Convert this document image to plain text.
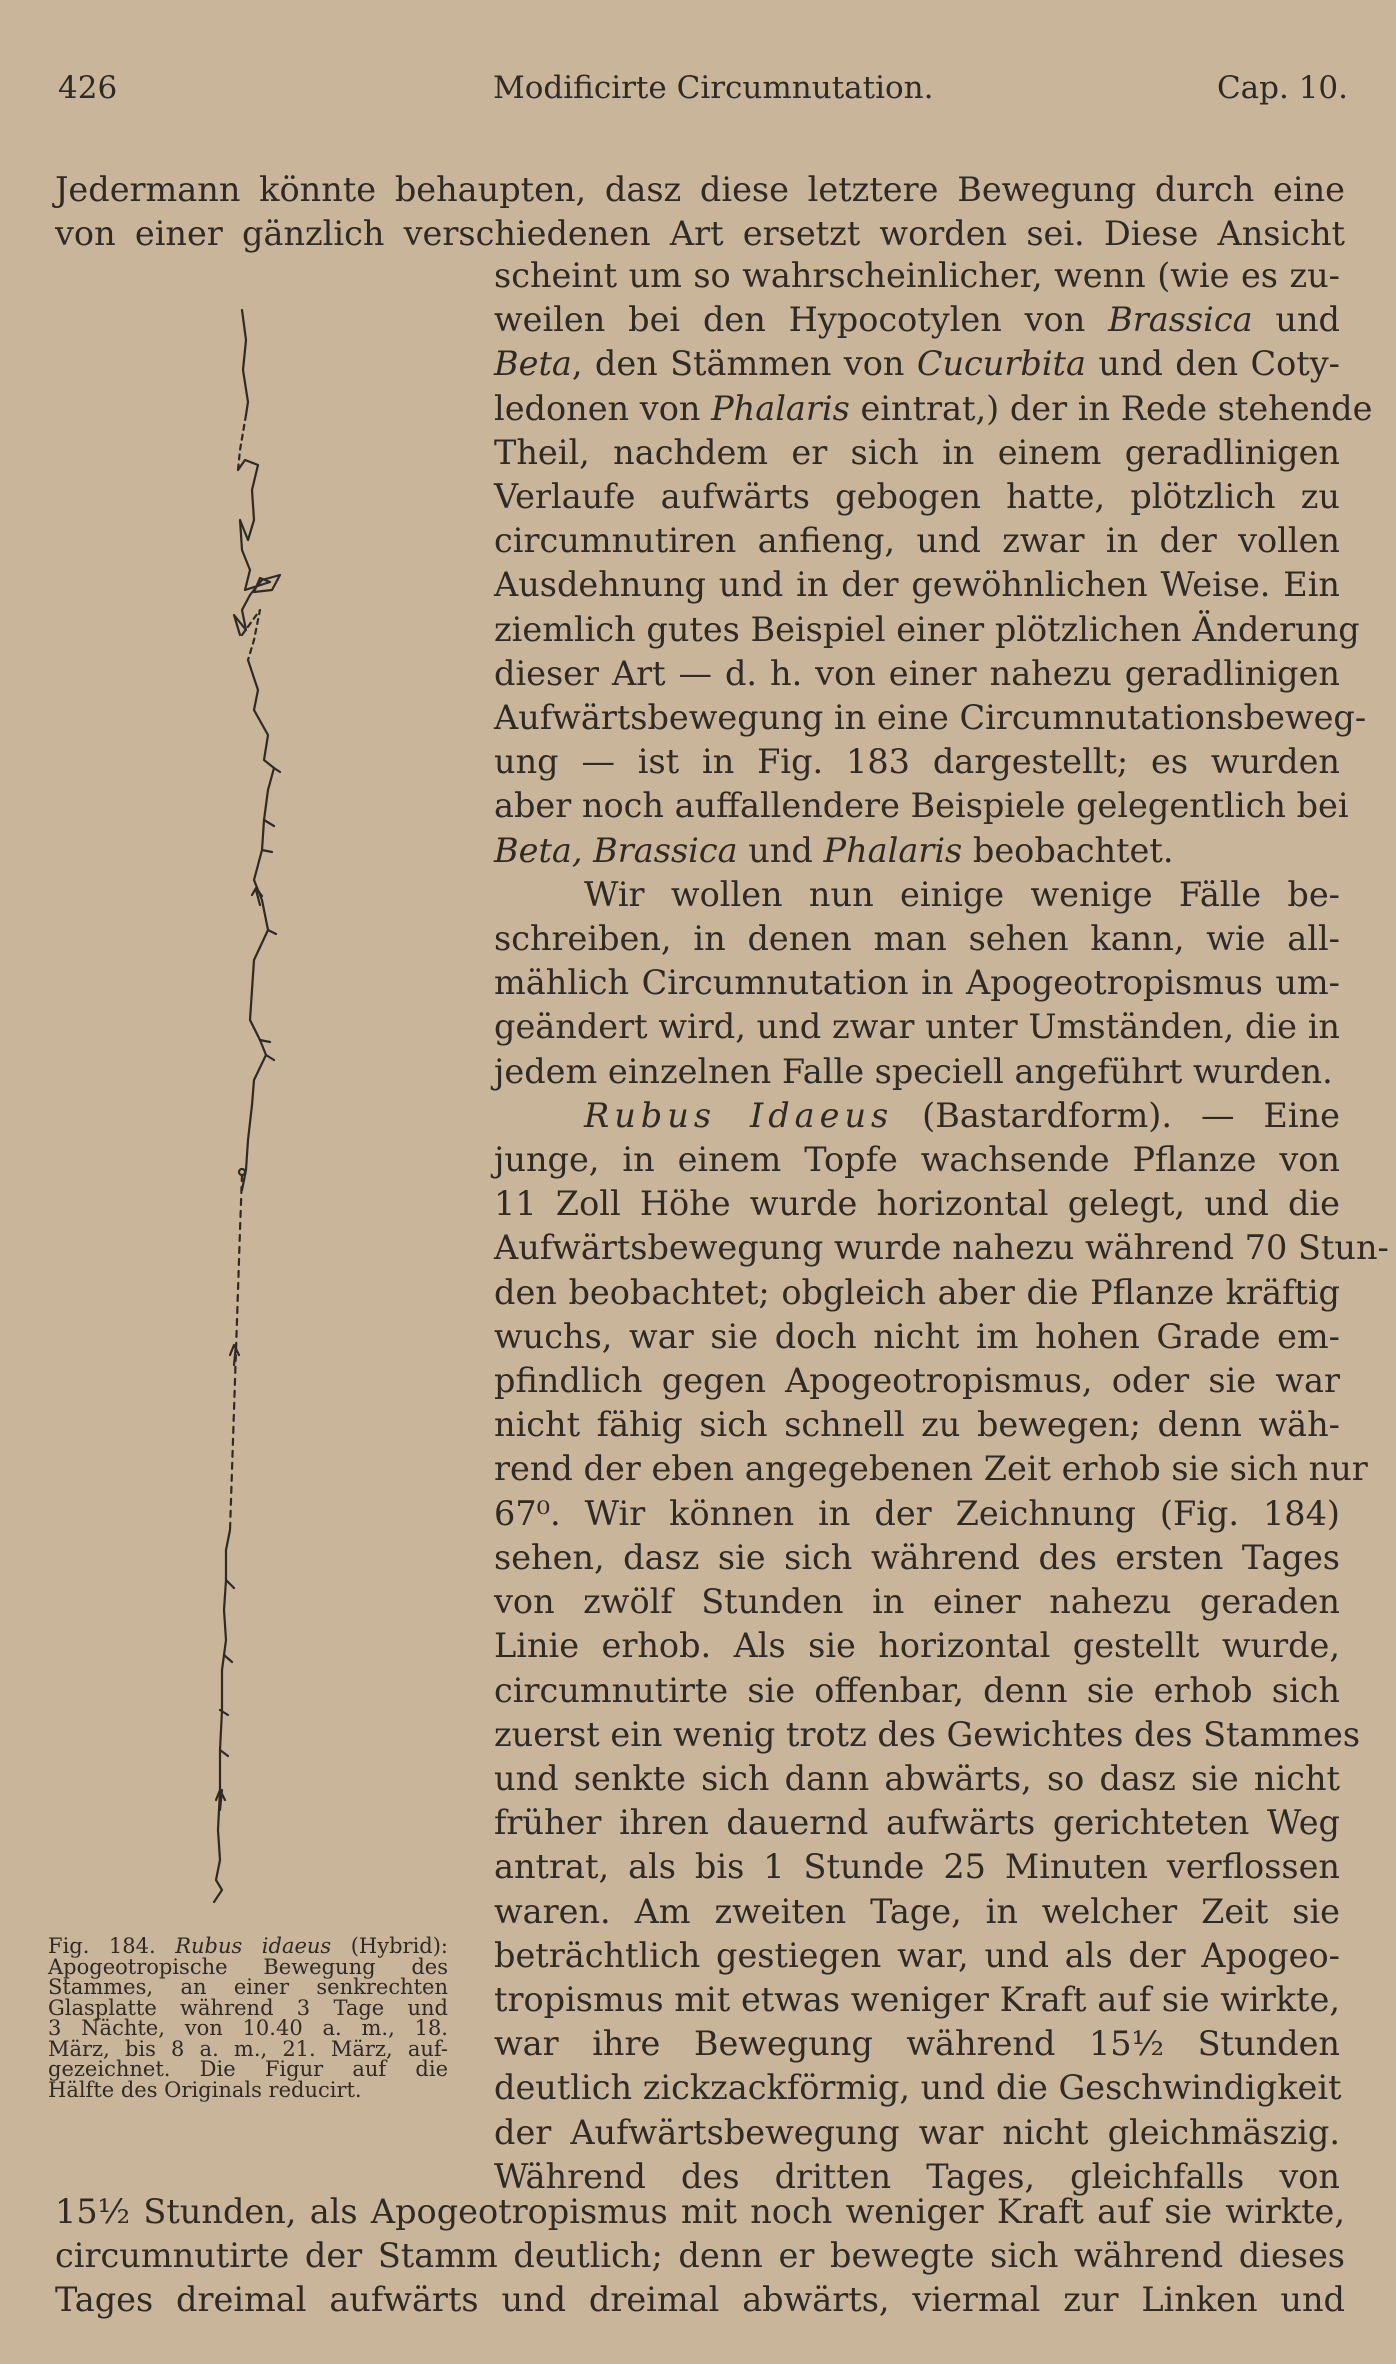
426	Modificirte Circumnutation.	Cap. 10.

Jedermann könnte behaupten, dasz diese letztere Bewegung durch eine

von einer gänzlich verschiedenen Art ersetzt worden sei. Diese Ansicht

scheint um so wahrscheinlicher, wenn (wie es zu-
weilen bei den Hypocotylen von Brassica und
Beta, den Stämmen von Cucurbita und den Coty-
ledonen von Phalaris eintrat,) der in Rede stehende
Theil, nachdem er sich in einem geradlinigen
Verlaufe aufwärts gebogen hatte, plötzlich zu
circumnutiren anfieng, und zwar in der vollen
Ausdehnung und in der gewöhnlichen Weise. Ein
ziemlich gutes Beispiel einer plötzlichen Änderung
dieser Art — d. h. von einer nahezu geradlinigen
Aufwärtsbewegung in eine Circumnutationsbeweg-
ung — ist in Fig. 183 dargestellt; es wurden
aber noch auffallendere Beispiele gelegentlich bei
Beta, Brassica und Phalaris beobachtet.
Wir wollen nun einige wenige Fälle be-
schreiben, in denen man sehen kann, wie all-
mählich Circumnutation in Apogeotropismus um-
geändert wird, und zwar unter Umständen, die in
jedem einzelnen Falle speciell angeführt wurden.
Rubus Idaeus (Bastardform). — Eine
junge, in einem Topfe wachsende Pflanze von
11 Zoll Höhe wurde horizontal gelegt, und die
Aufwärtsbewegung wurde nahezu während 70 Stun-
den beobachtet; obgleich aber die Pflanze kräftig
wuchs, war sie doch nicht im hohen Grade em-
pfindlich gegen Apogeotropismus, oder sie war
nicht fähig sich schnell zu bewegen; denn wäh-
rend der eben angegebenen Zeit erhob sie sich nur
67⁰. Wir können in der Zeichnung (Fig. 184)
sehen, dasz sie sich während des ersten Tages
von zwölf Stunden in einer nahezu geraden
Linie erhob. Als sie horizontal gestellt wurde,
circumnutirte sie offenbar, denn sie erhob sich
zuerst ein wenig trotz des Gewichtes des Stammes
und senkte sich dann abwärts, so dasz sie nicht
früher ihren dauernd aufwärts gerichteten Weg
antrat, als bis 1 Stunde 25 Minuten verflossen
waren. Am zweiten Tage, in welcher Zeit sie
beträchtlich gestiegen war, und als der Apogeo-
tropismus mit etwas weniger Kraft auf sie wirkte,
war ihre Bewegung während 15½ Stunden
deutlich zickzackförmig, und die Geschwindigkeit
der Aufwärtsbewegung war nicht gleichmäszig.
Während des dritten Tages, gleichfalls von
Fig. 184. Rubus idaeus (Hybrid):
Apogeotropische Bewegung des
Stammes, an einer senkrechten
Glasplatte während 3 Tage und
3 Nächte, von 10.40 a. m., 18.
März, bis 8 a. m., 21. März, auf-
gezeichnet. Die Figur auf die
Hälfte des Originals reducirt.

15½ Stunden, als Apogeotropismus mit noch weniger Kraft auf sie wirkte,

circumnutirte der Stamm deutlich; denn er bewegte sich während dieses

Tages dreimal aufwärts und dreimal abwärts, viermal zur Linken und
